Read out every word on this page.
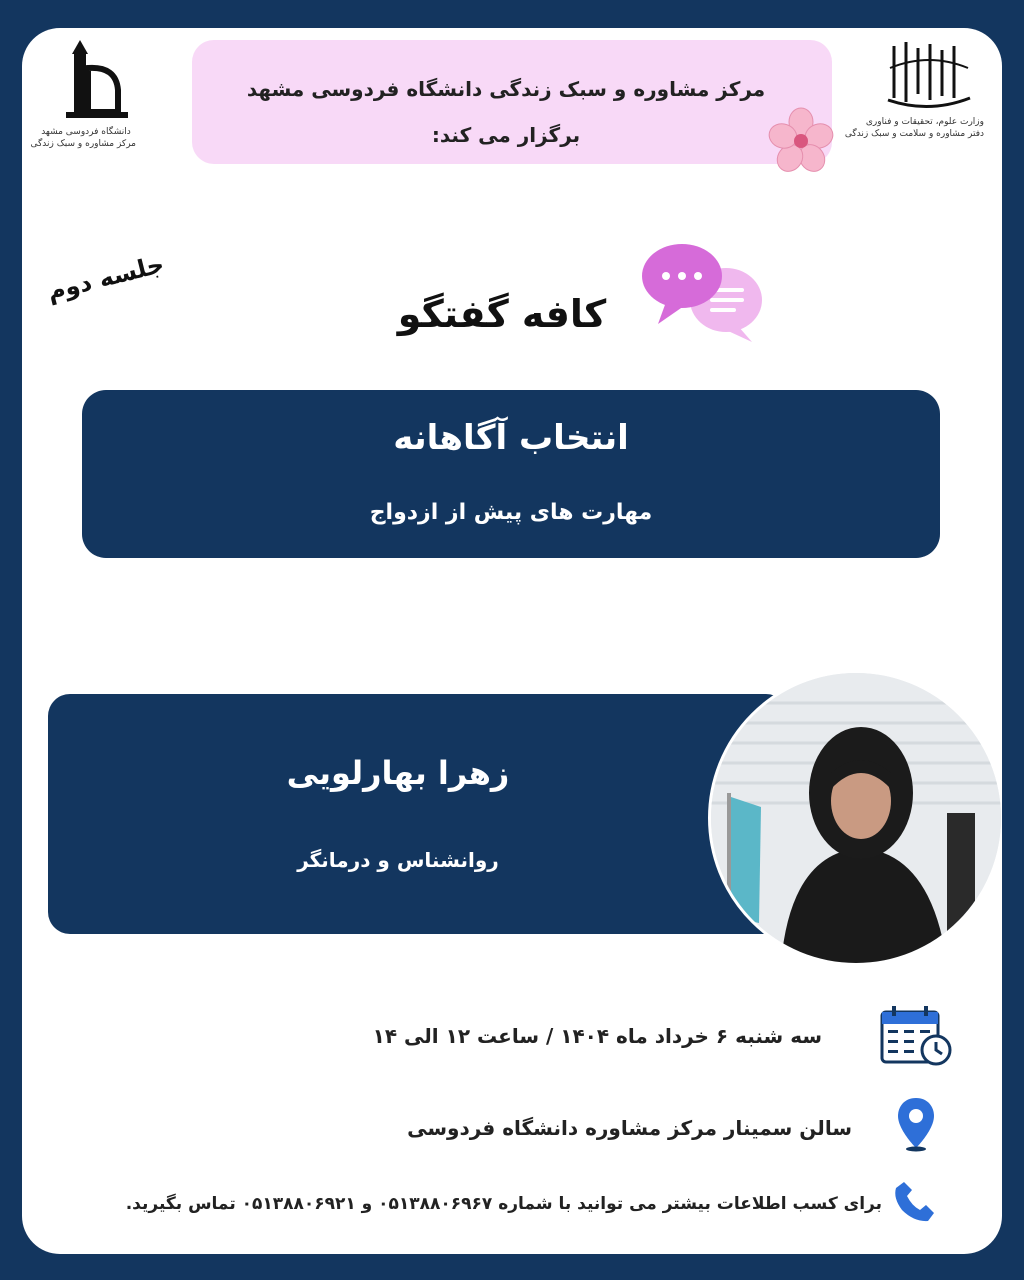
دانشگاه فردوسی مشهد
مرکز مشاوره و سبک زندگی
مرکز مشاوره و سبک زندگی دانشگاه فردوسی مشهد
برگزار می کند:
وزارت علوم، تحقیقات و فناوری
دفتر مشاوره و سلامت و سبک زندگی
جلسه دوم
کافه گفتگو
انتخاب آگاهانه
مهارت های پیش از ازدواج
زهرا بهارلویی
روانشناس و درمانگر
سه شنبه ۶ خرداد ماه ۱۴۰۴ / ساعت ۱۲ الی ۱۴
سالن سمینار مرکز مشاوره دانشگاه فردوسی
برای کسب اطلاعات بیشتر می توانید با شماره ۰۵۱۳۸۸۰۶۹۶۷ و ۰۵۱۳۸۸۰۶۹۲۱ تماس بگیرید.
